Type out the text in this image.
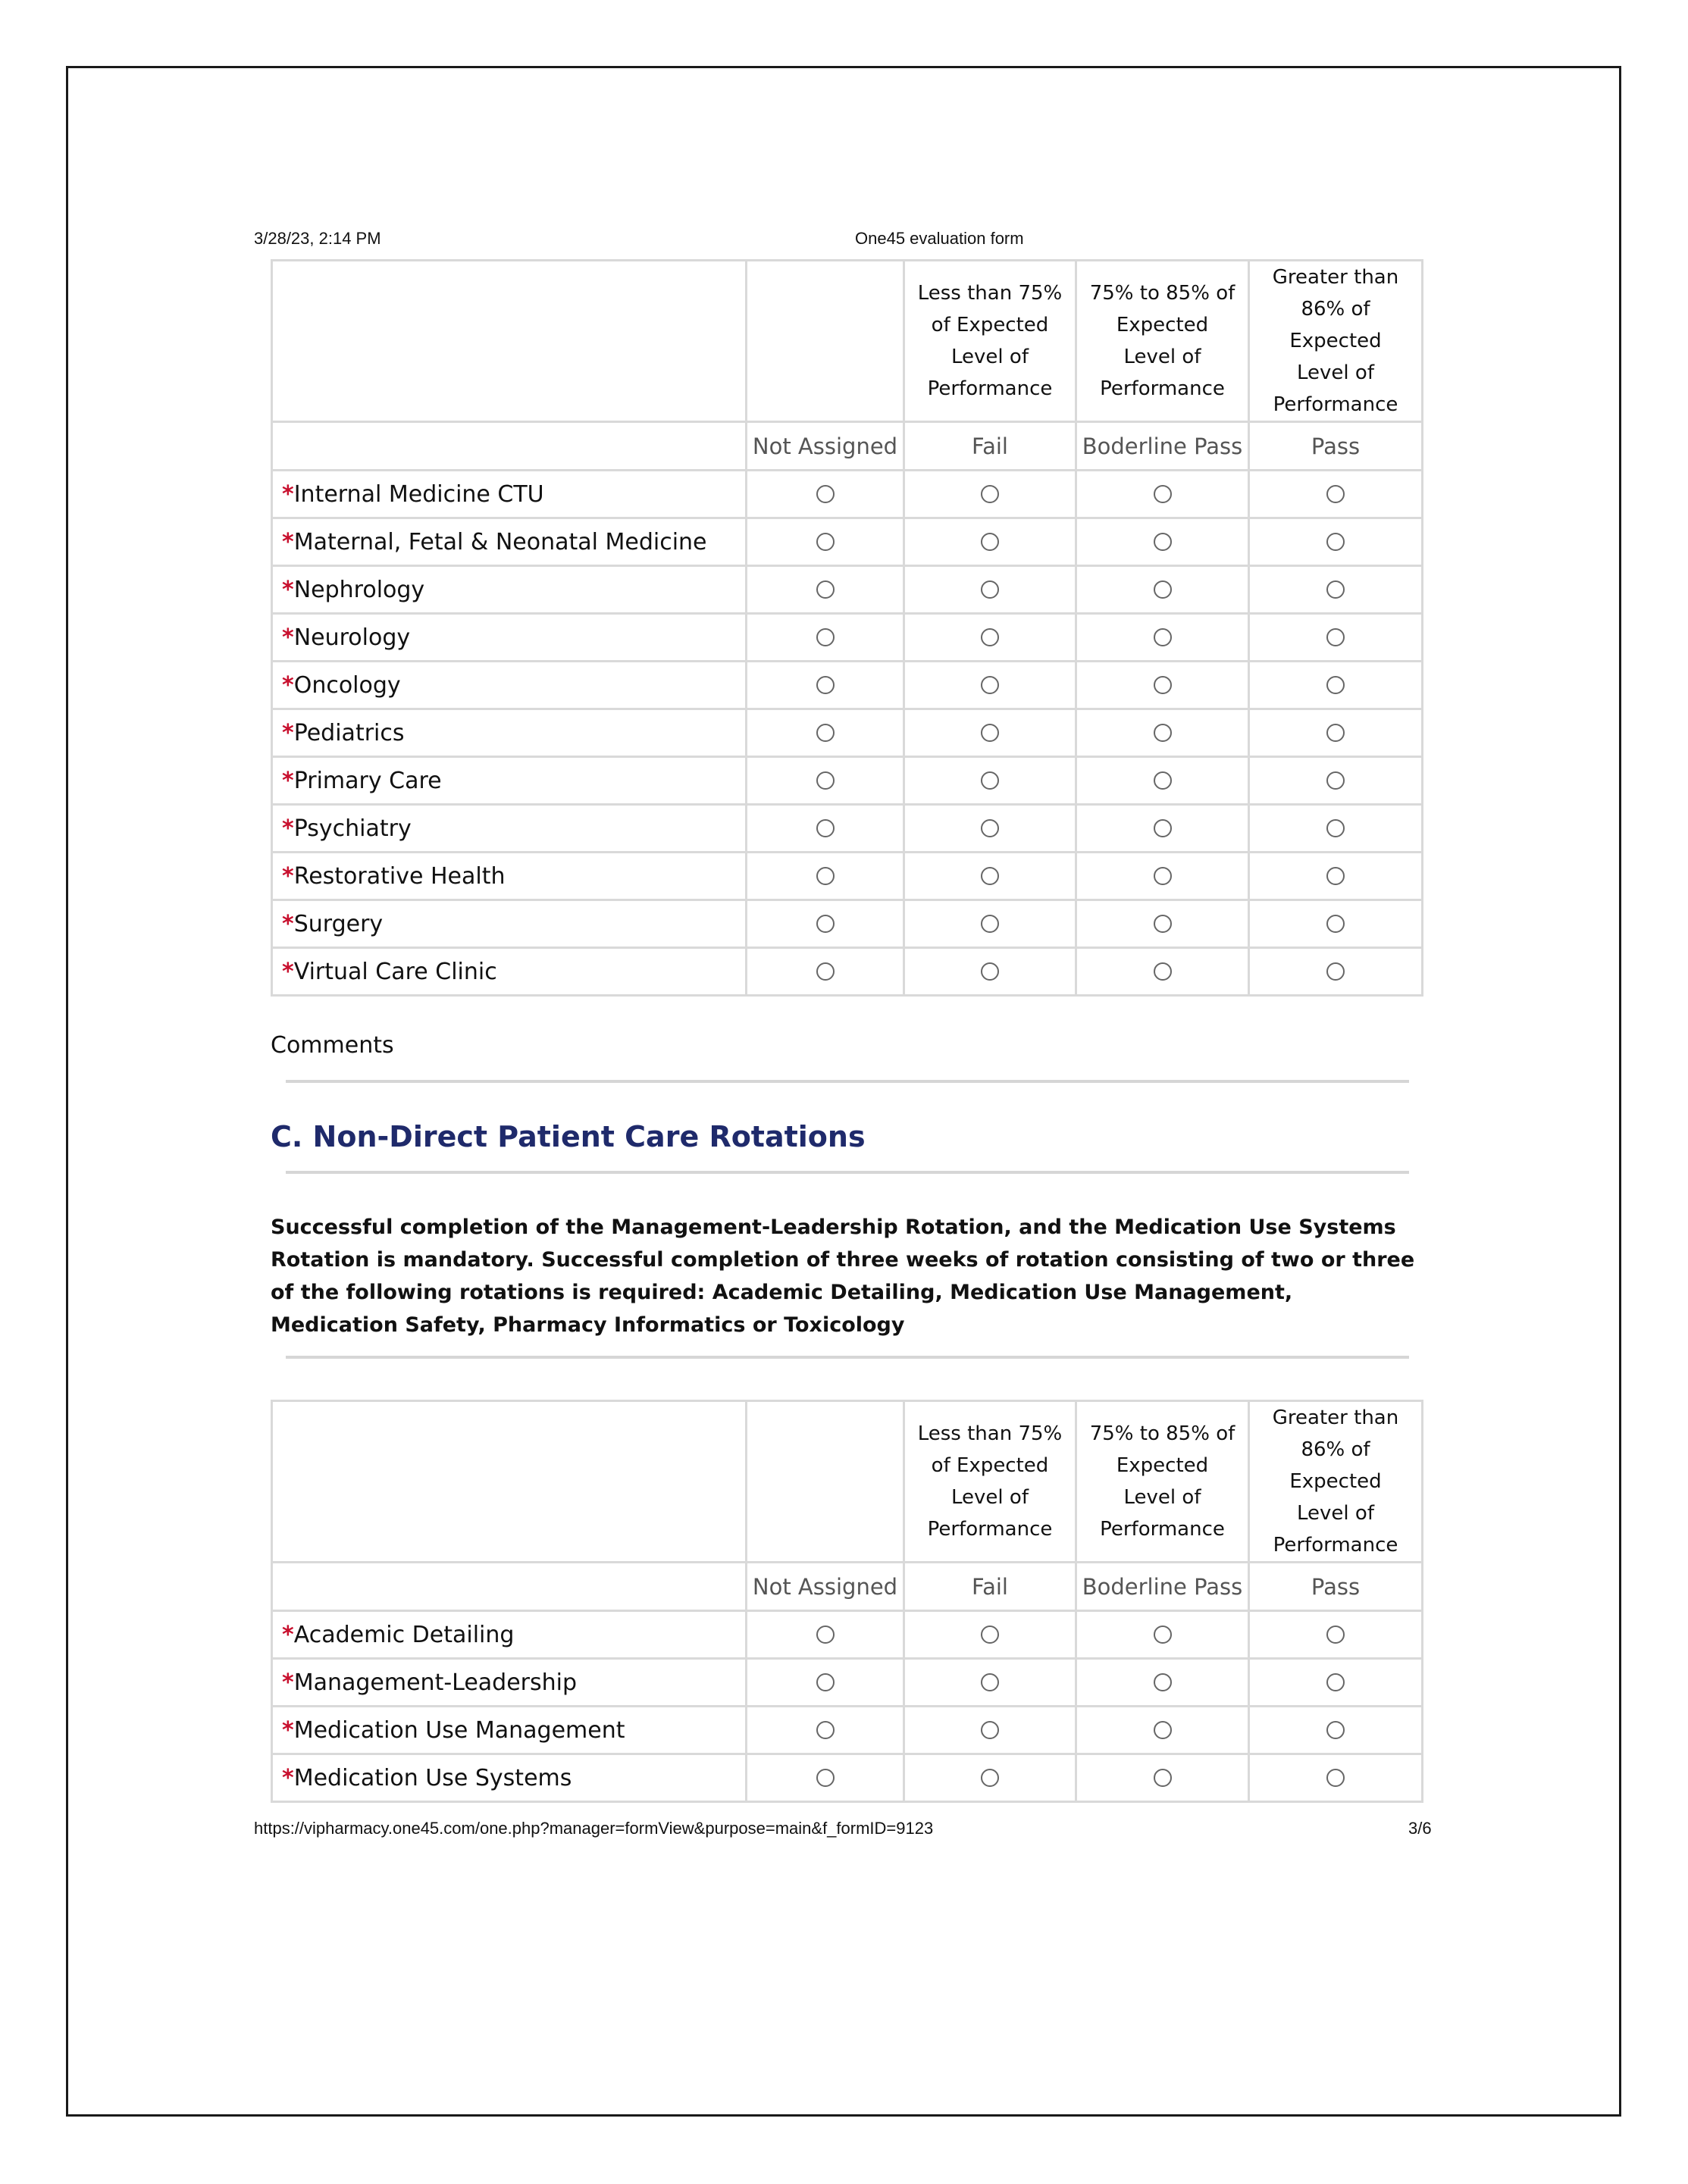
3/28/23, 2:14 PM	One45 evaluation form

		Less than 75% of Expected Level of Performance	75% to 85% of Expected Level of Performance	Greater than 86% of Expected Level of Performance

	Not Assigned	Fail	Boderline Pass	Pass
*Internal Medicine CTU				
*Maternal, Fetal & Neonatal Medicine				
*Nephrology				
*Neurology				
*Oncology				
*Pediatrics				
*Primary Care				
*Psychiatry				
*Restorative Health				
*Surgery				
*Virtual Care Clinic				
Comments
C. Non-Direct Patient Care Rotations
Successful completion of the Management-Leadership Rotation, and the Medication Use Systems Rotation is mandatory. Successful completion of three weeks of rotation consisting of two or three of the following rotations is required: Academic Detailing, Medication Use Management, Medication Safety, Pharmacy Informatics or Toxicology

		Less than 75% of Expected Level of Performance	75% to 85% of Expected Level of Performance	Greater than 86% of Expected Level of Performance

	Not Assigned	Fail	Boderline Pass	Pass
*Academic Detailing				
*Management-Leadership				
*Medication Use Management				
*Medication Use Systems				
https://vipharmacy.one45.com/one.php?manager=formView&purpose=main&f_formID=9123	3/6
